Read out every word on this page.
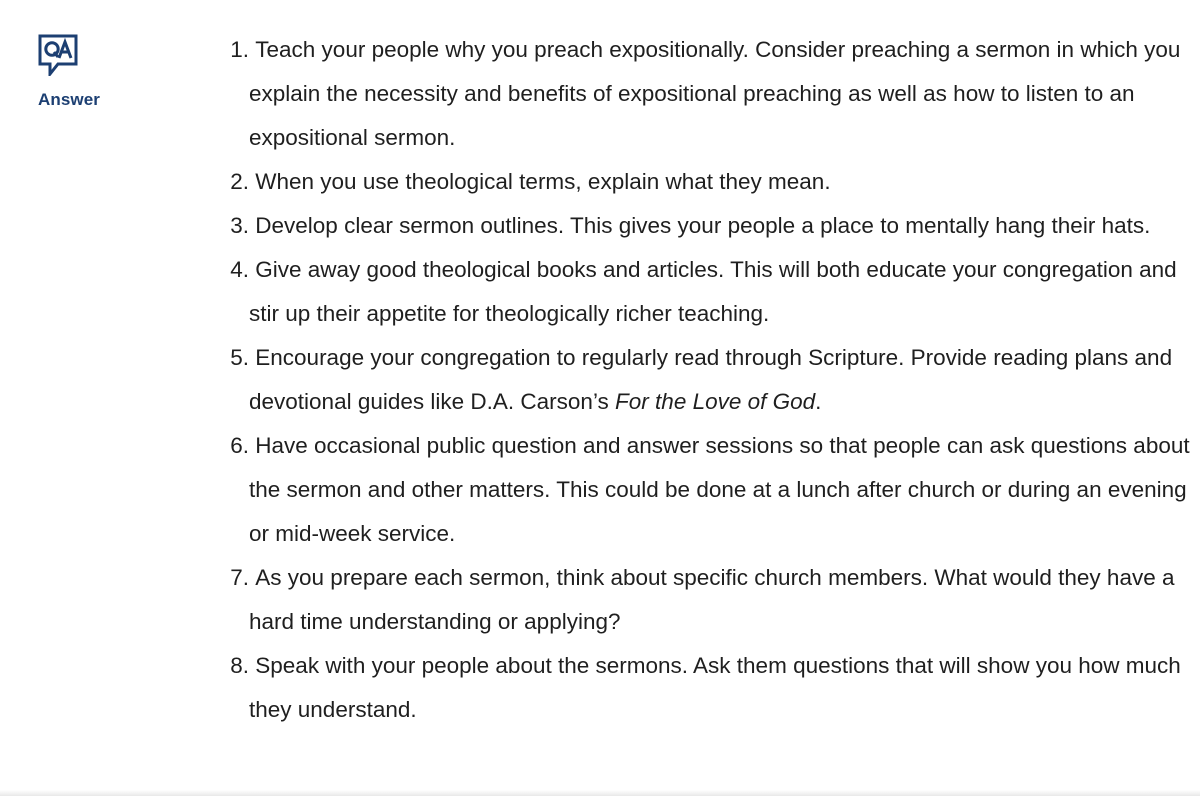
Answer
1 . Teach your people why you preach expositionally. Consider preaching a sermon in which you explain the necessity and benefits of expositional preaching as well as how to listen to an expositional sermon.
2 . When you use theological terms, explain what they mean.
3 . Develop clear sermon outlines. This gives your people a place to mentally hang their hats.
4 . Give away good theological books and articles. This will both educate your congregation and stir up their appetite for theologically richer teaching.
5 . Encourage your congregation to regularly read through Scripture. Provide reading plans and devotional guides like D.A. Carson’s For the Love of God.
6 . Have occasional public question and answer sessions so that people can ask questions about the sermon and other matters. This could be done at a lunch after church or during an evening or mid-week service.
7 . As you prepare each sermon, think about specific church members. What would they have a hard time understanding or applying?
8 . Speak with your people about the sermons. Ask them questions that will show you how much they understand.
